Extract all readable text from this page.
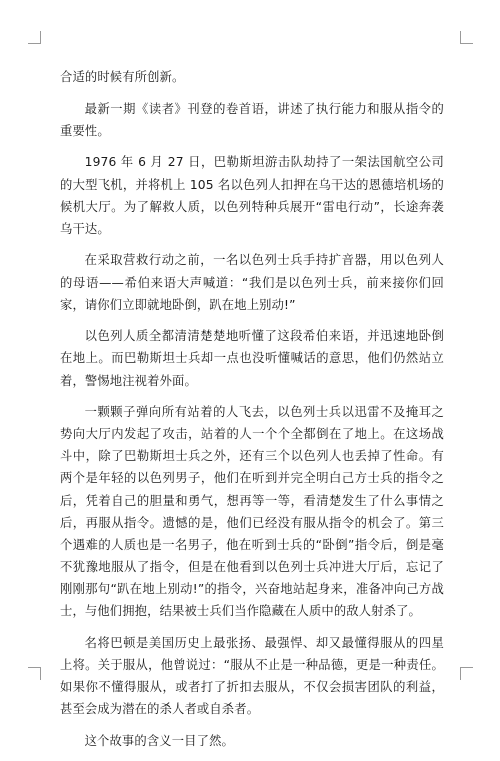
合适的时候有所创新。

最新一期《读者》刊登的卷首语，讲述了执行能力和服从指令的重要性。

1976 年 6 月 27 日，巴勒斯坦游击队劫持了一架法国航空公司的大型飞机，并将机上 105 名以色列人扣押在乌干达的恩德培机场的候机大厅。为了解救人质，以色列特种兵展开“雷电行动”，长途奔袭乌干达。

在采取营救行动之前，一名以色列士兵手持扩音器，用以色列人的母语——希伯来语大声喊道：“我们是以色列士兵，前来接你们回家，请你们立即就地卧倒，趴在地上别动!”

以色列人质全都清清楚楚地听懂了这段希伯来语，并迅速地卧倒在地上。而巴勒斯坦士兵却一点也没听懂喊话的意思，他们仍然站立着，警惕地注视着外面。

一颗颗子弹向所有站着的人飞去，以色列士兵以迅雷不及掩耳之势向大厅内发起了攻击，站着的人一个个全都倒在了地上。在这场战斗中，除了巴勒斯坦士兵之外，还有三个以色列人也丢掉了性命。有两个是年轻的以色列男子，他们在听到并完全明白己方士兵的指令之后，凭着自己的胆量和勇气，想再等一等，看清楚发生了什么事情之后，再服从指令。遗憾的是，他们已经没有服从指令的机会了。第三个遇难的人质也是一名男子，他在听到士兵的“卧倒”指令后，倒是毫不犹豫地服从了指令，但是在他看到以色列士兵冲进大厅后，忘记了刚刚那句“趴在地上别动!”的指令，兴奋地站起身来，准备冲向己方战士，与他们拥抱，结果被士兵们当作隐藏在人质中的敌人射杀了。

名将巴顿是美国历史上最张扬、最强悍、却又最懂得服从的四星上将。关于服从，他曾说过：“服从不止是一种品德，更是一种责任。如果你不懂得服从，或者打了折扣去服从，不仅会损害团队的利益，甚至会成为潜在的杀人者或自杀者。

这个故事的含义一目了然。
